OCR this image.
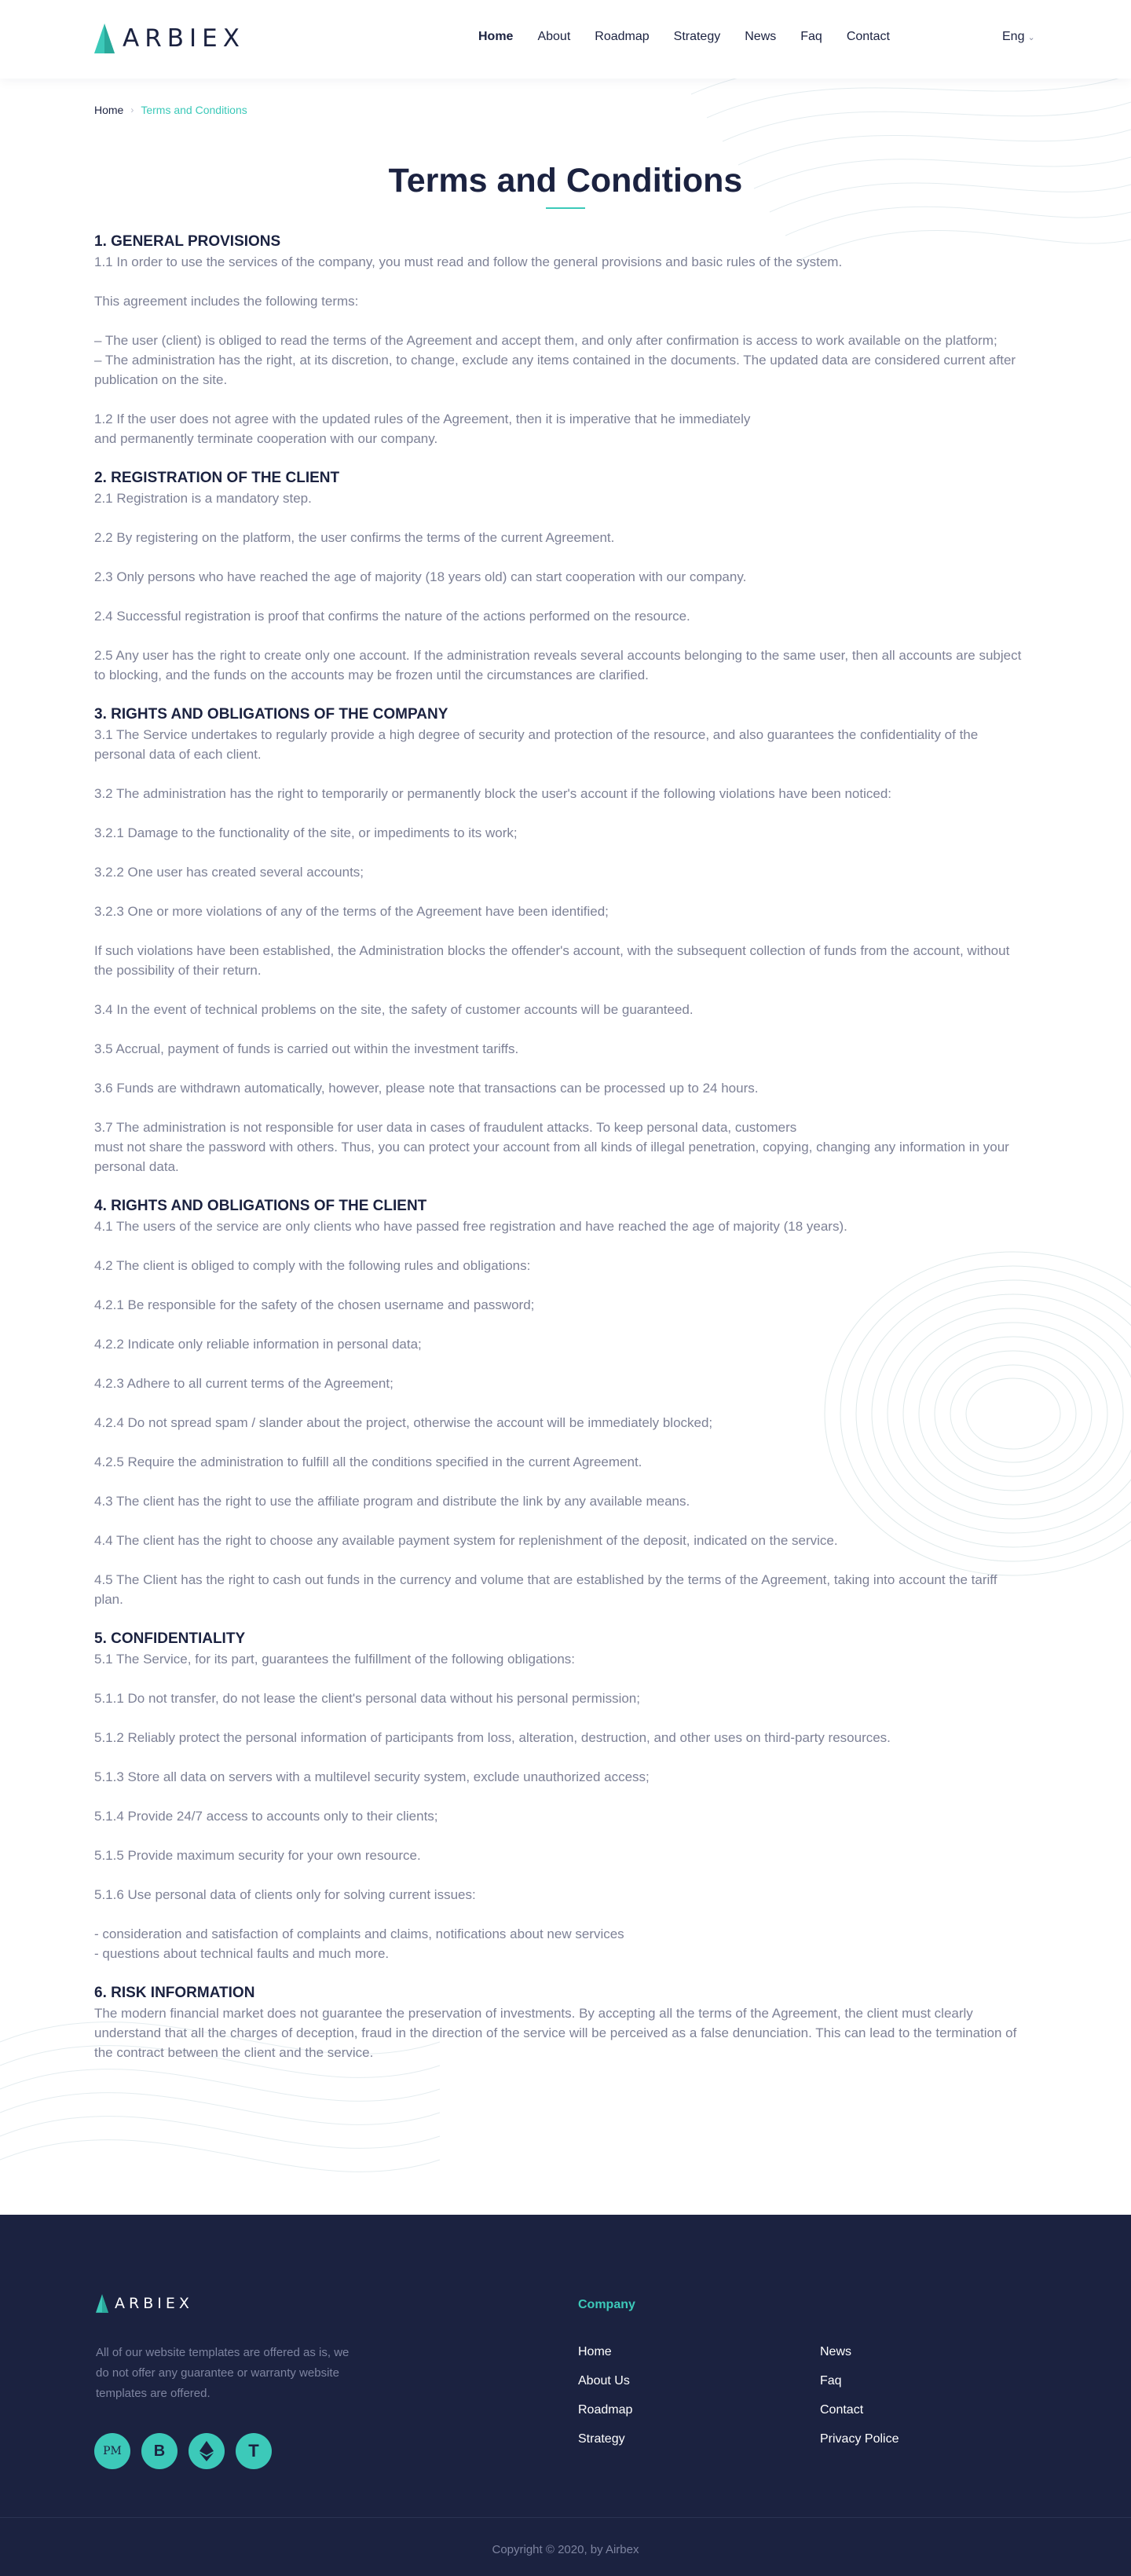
ARBIEX	Home About Roadmap Strategy News Faq Contact	Eng ⌄
Home › Terms and Conditions
Terms and Conditions
1. GENERAL PROVISIONS

1.1 In order to use the services of the company, you must read and follow the general provisions and basic rules of the system.

This agreement includes the following terms:

– The user (client) is obliged to read the terms of the Agreement and accept them, and only after confirmation is access to work available on the platform;
– The administration has the right, at its discretion, to change, exclude any items contained in the documents. The updated data are considered current after publication on the site.

1.2 If the user does not agree with the updated rules of the Agreement, then it is imperative that he immediately
and permanently terminate cooperation with our company.

2. REGISTRATION OF THE CLIENT

2.1 Registration is a mandatory step.

2.2 By registering on the platform, the user confirms the terms of the current Agreement.

2.3 Only persons who have reached the age of majority (18 years old) can start cooperation with our company.

2.4 Successful registration is proof that confirms the nature of the actions performed on the resource.

2.5 Any user has the right to create only one account. If the administration reveals several accounts belonging to the same user, then all accounts are subject to blocking, and the funds on the accounts may be frozen until the circumstances are clarified.

3. RIGHTS AND OBLIGATIONS OF THE COMPANY

3.1 The Service undertakes to regularly provide a high degree of security and protection of the resource, and also guarantees the confidentiality of the personal data of each client.

3.2 The administration has the right to temporarily or permanently block the user's account if the following violations have been noticed:

3.2.1 Damage to the functionality of the site, or impediments to its work;

3.2.2 One user has created several accounts;

3.2.3 One or more violations of any of the terms of the Agreement have been identified;

If such violations have been established, the Administration blocks the offender's account, with the subsequent collection of funds from the account, without the possibility of their return.

3.4 In the event of technical problems on the site, the safety of customer accounts will be guaranteed.

3.5 Accrual, payment of funds is carried out within the investment tariffs.

3.6 Funds are withdrawn automatically, however, please note that transactions can be processed up to 24 hours.

3.7 The administration is not responsible for user data in cases of fraudulent attacks. To keep personal data, customers
must not share the password with others. Thus, you can protect your account from all kinds of illegal penetration, copying, changing any information in your personal data.

4. RIGHTS AND OBLIGATIONS OF THE CLIENT

4.1 The users of the service are only clients who have passed free registration and have reached the age of majority (18 years).

4.2 The client is obliged to comply with the following rules and obligations:

4.2.1 Be responsible for the safety of the chosen username and password;

4.2.2 Indicate only reliable information in personal data;

4.2.3 Adhere to all current terms of the Agreement;

4.2.4 Do not spread spam / slander about the project, otherwise the account will be immediately blocked;

4.2.5 Require the administration to fulfill all the conditions specified in the current Agreement.

4.3 The client has the right to use the affiliate program and distribute the link by any available means.

4.4 The client has the right to choose any available payment system for replenishment of the deposit, indicated on the service.

4.5 The Client has the right to cash out funds in the currency and volume that are established by the terms of the Agreement, taking into account the tariff plan.

5. CONFIDENTIALITY

5.1 The Service, for its part, guarantees the fulfillment of the following obligations:

5.1.1 Do not transfer, do not lease the client's personal data without his personal permission;

5.1.2 Reliably protect the personal information of participants from loss, alteration, destruction, and other uses on third-party resources.

5.1.3 Store all data on servers with a multilevel security system, exclude unauthorized access;

5.1.4 Provide 24/7 access to accounts only to their clients;

5.1.5 Provide maximum security for your own resource.

5.1.6 Use personal data of clients only for solving current issues:

- consideration and satisfaction of complaints and claims, notifications about new services
- questions about technical faults and much more.

6. RISK INFORMATION

The modern financial market does not guarantee the preservation of investments. By accepting all the terms of the Agreement, the client must clearly understand that all the charges of deception, fraud in the direction of the service will be perceived as a false denunciation. This can lead to the termination of the contract between the client and the service.

ARBIEX

All of our website templates are offered as is, we do not offer any guarantee or warranty website templates are offered.

PM B	T
Company
Home
About Us
Roadmap
Strategy
News
Faq
Contact
Privacy Police
Copyright © 2020, by Airbex
